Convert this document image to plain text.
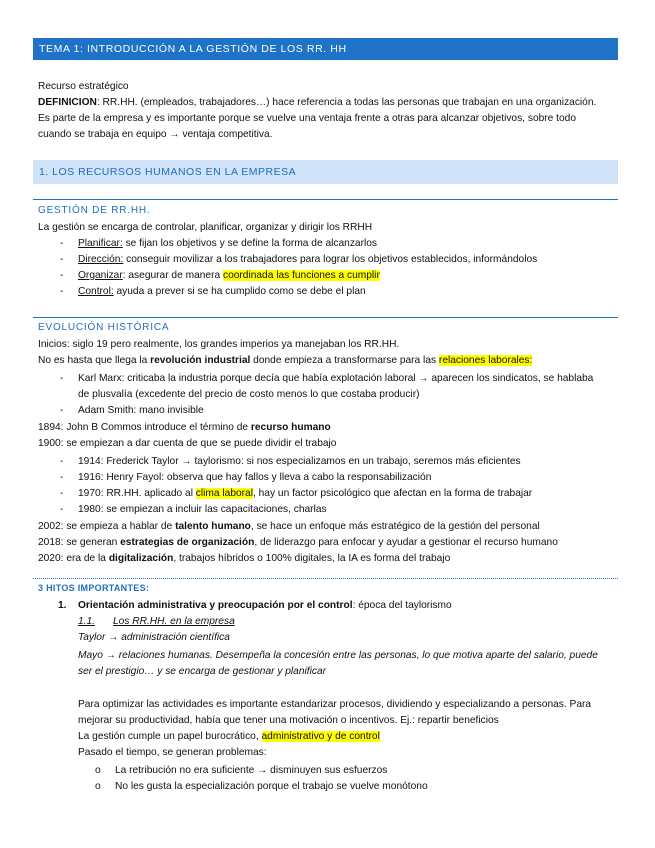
TEMA 1: INTRODUCCIÓN A LA GESTIÓN DE LOS RR. HH
Recurso estratégico
DEFINICION: RR.HH. (empleados, trabajadores…) hace referencia a todas las personas que trabajan en una organización.
Es parte de la empresa y es importante porque se vuelve una ventaja frente a otras para alcanzar objetivos, sobre todo
cuando se trabaja en equipo → ventaja competitiva.
1. LOS RECURSOS HUMANOS EN LA EMPRESA
GESTIÓN DE RR.HH.
La gestión se encarga de controlar, planificar, organizar y dirigir los RRHH
- Planificar: se fijan los objetivos y se define la forma de alcanzarlos
- Dirección: conseguir movilizar a los trabajadores para lograr los objetivos establecidos, informándolos
- Organizar: asegurar de manera coordinada las funciones a cumplir
- Control: ayuda a prever si se ha cumplido como se debe el plan
EVOLUCIÓN HISTÓRICA
Inicios: siglo 19 pero realmente, los grandes imperios ya manejaban los RR.HH.
No es hasta que llega la revolución industrial donde empieza a transformarse para las relaciones laborales:
- Karl Marx: criticaba la industria porque decía que había explotación laboral → aparecen los sindicatos, se hablaba
de plusvalía (excedente del precio de costo menos lo que costaba producir)
- Adam Smith: mano invisible
1894: John B Commos introduce el término de recurso humano
1900: se empiezan a dar cuenta de que se puede dividir el trabajo
- 1914: Frederick Taylor → taylorismo: si nos especializamos en un trabajo, seremos más eficientes
- 1916: Henry Fayol: observa que hay fallos y lleva a cabo la responsabilización
- 1970: RR.HH. aplicado al clima laboral, hay un factor psicológico que afectan en la forma de trabajar
- 1980: se empiezan a incluir las capacitaciones, charlas
2002: se empieza a hablar de talento humano, se hace un enfoque más estratégico de la gestión del personal
2018: se generan estrategias de organización, de liderazgo para enfocar y ayudar a gestionar el recurso humano
2020: era de la digitalización, trabajos híbridos o 100% digitales, la IA es forma del trabajo
3 HITOS IMPORTANTES:
1. Orientación administrativa y preocupación por el control: época del taylorismo
1.1. Los RR.HH. en la empresa
Taylor → administración científica
Mayo → relaciones humanas. Desempeña la concesión entre las personas, lo que motiva aparte del salario, puede
ser el prestigio… y se encarga de gestionar y planificar
Para optimizar las actividades es importante estandarizar procesos, dividiendo y especializando a personas. Para
mejorar su productividad, había que tener una motivación o incentivos. Ej.: repartir beneficios
La gestión cumple un papel burocrático, administrativo y de control
Pasado el tiempo, se generan problemas:
o La retribución no era suficiente → disminuyen sus esfuerzos
o No les gusta la especialización porque el trabajo se vuelve monótono
